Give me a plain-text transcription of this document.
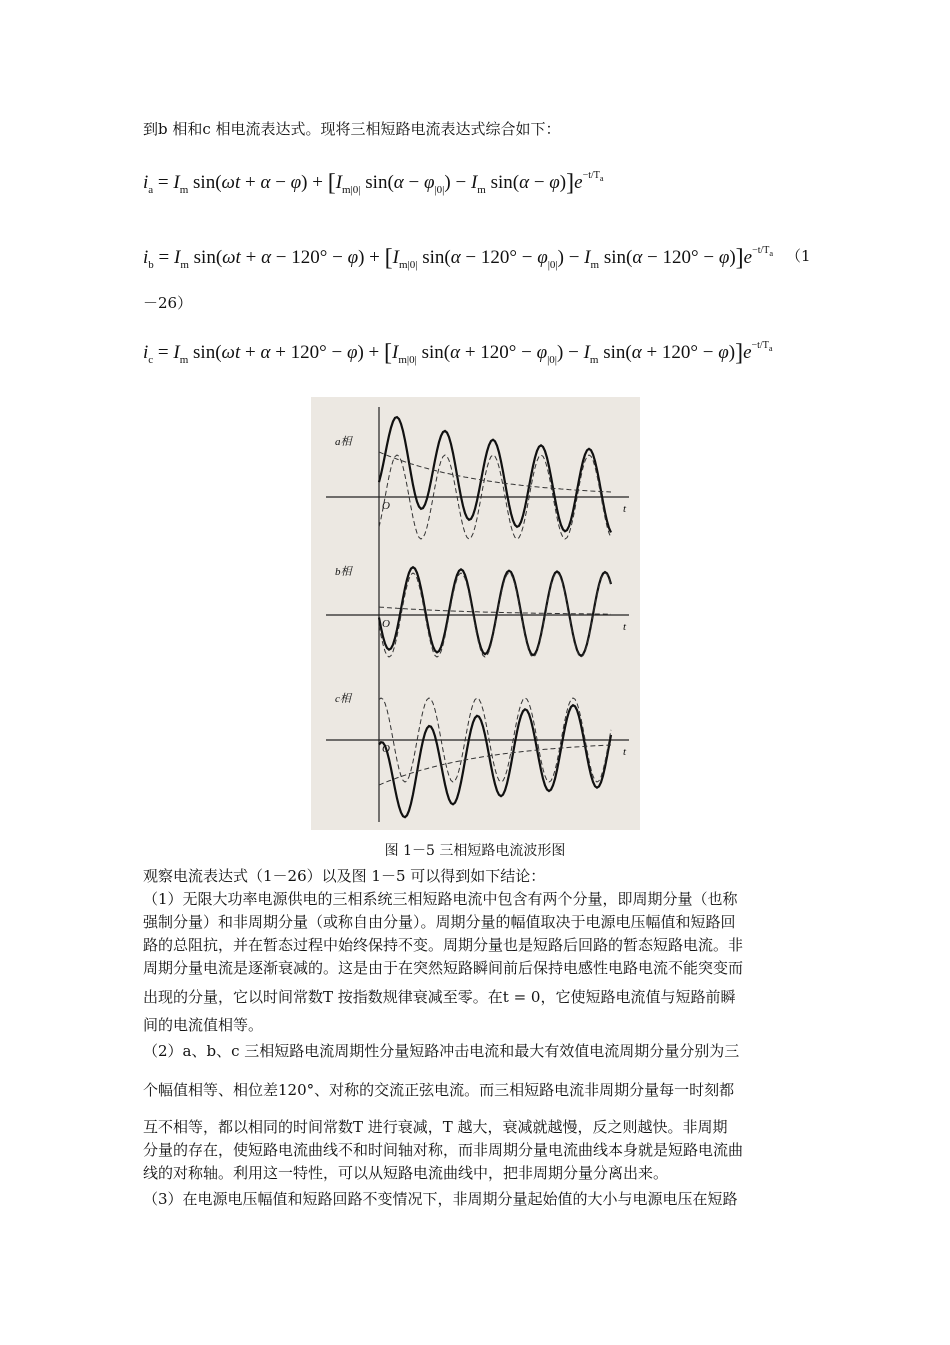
到b 相和c 相电流表达式。现将三相短路电流表达式综合如下：
$i_a = I_m$ $\sin(\omega t + \alpha - \varphi) + [I_{m|0|}$ $\sin(\alpha - \varphi_{|0|}) - I_m$ $\sin(\alpha - \varphi)]e^{-t/T_a}$
$i_b = I_m$ $\sin(\omega t + \alpha - 120^\circ - \varphi) + [I_{m|0|}$ $\sin(\alpha - 120^\circ - \varphi_{|0|}) - I_m$ $\sin(\alpha - 120^\circ - \varphi)]e^{-t/T_a}$ （1
－26）
$i_c = I_m$ $\sin(\omega t + \alpha + 120^\circ - \varphi) + [I_{m|0|}$ $\sin(\alpha + 120^\circ - \varphi_{|0|}) - I_m$ $\sin(\alpha + 120^\circ - \varphi)]e^{-t/T_a}$
a相
b相
c相
t
t
t
O
O
O
图 1－5 三相短路电流波形图
观察电流表达式（1－26）以及图 1－5 可以得到如下结论：
（1）无限大功率电源供电的三相系统三相短路电流中包含有两个分量，即周期分量（也称
强制分量）和非周期分量（或称自由分量）。周期分量的幅值取决于电源电压幅值和短路回
路的总阻抗，并在暂态过程中始终保持不变。周期分量也是短路后回路的暂态短路电流。非
周期分量电流是逐渐衰减的。这是由于在突然短路瞬间前后保持电感性电路电流不能突变而
出现的分量，它以时间常数T 按指数规律衰减至零。在t = 0，它使短路电流值与短路前瞬
间的电流值相等。
（2）a、b、c 三相短路电流周期性分量短路冲击电流和最大有效值电流周期分量分别为三
个幅值相等、相位差120°、对称的交流正弦电流。而三相短路电流非周期分量每一时刻都
互不相等，都以相同的时间常数T 进行衰减，T 越大，衰减就越慢，反之则越快。非周期
分量的存在，使短路电流曲线不和时间轴对称，而非周期分量电流曲线本身就是短路电流曲
线的对称轴。利用这一特性，可以从短路电流曲线中，把非周期分量分离出来。
（3）在电源电压幅值和短路回路不变情况下，非周期分量起始值的大小与电源电压在短路
